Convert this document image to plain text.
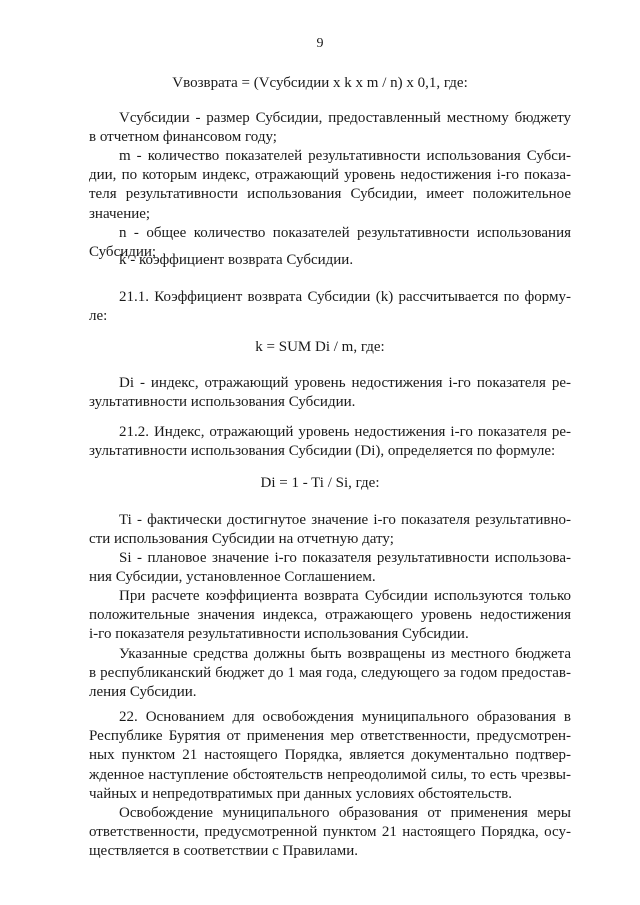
9
Vвозврата = (Vсубсидии x k x m / n) x 0,1, где:
Vсубсидии - размер Субсидии, предоставленный местному бюджету
в отчетном финансовом году;
m - количество показателей результативности использования Субси-
дии, по которым индекс, отражающий уровень недостижения i-го показа-
теля результативности использования Субсидии, имеет положительное
значение;
n - общее количество показателей результативности использования
Субсидии;
k - коэффициент возврата Субсидии.
21.1. Коэффициент возврата Субсидии (k) рассчитывается по форму-
ле:
k = SUM Di / m, где:
Di - индекс, отражающий уровень недостижения i-го показателя ре-
зультативности использования Субсидии.
21.2. Индекс, отражающий уровень недостижения i-го показателя ре-
зультативности использования Субсидии (Di), определяется по формуле:
Di = 1 - Ti / Si, где:
Ti - фактически достигнутое значение i-го показателя результативно-
сти использования Субсидии на отчетную дату;
Si - плановое значение i-го показателя результативности использова-
ния Субсидии, установленное Соглашением.
При расчете коэффициента возврата Субсидии используются только
положительные значения индекса, отражающего уровень недостижения
i-го показателя результативности использования Субсидии.
Указанные средства должны быть возвращены из местного бюджета
в республиканский бюджет до 1 мая года, следующего за годом предостав-
ления Субсидии.
22. Основанием для освобождения муниципального образования в
Республике Бурятия от применения мер ответственности, предусмотрен-
ных пунктом 21 настоящего Порядка, является документально подтвер-
жденное наступление обстоятельств непреодолимой силы, то есть чрезвы-
чайных и непредотвратимых при данных условиях обстоятельств.
Освобождение муниципального образования от применения меры
ответственности, предусмотренной пунктом 21 настоящего Порядка, осу-
ществляется в соответствии с Правилами.
